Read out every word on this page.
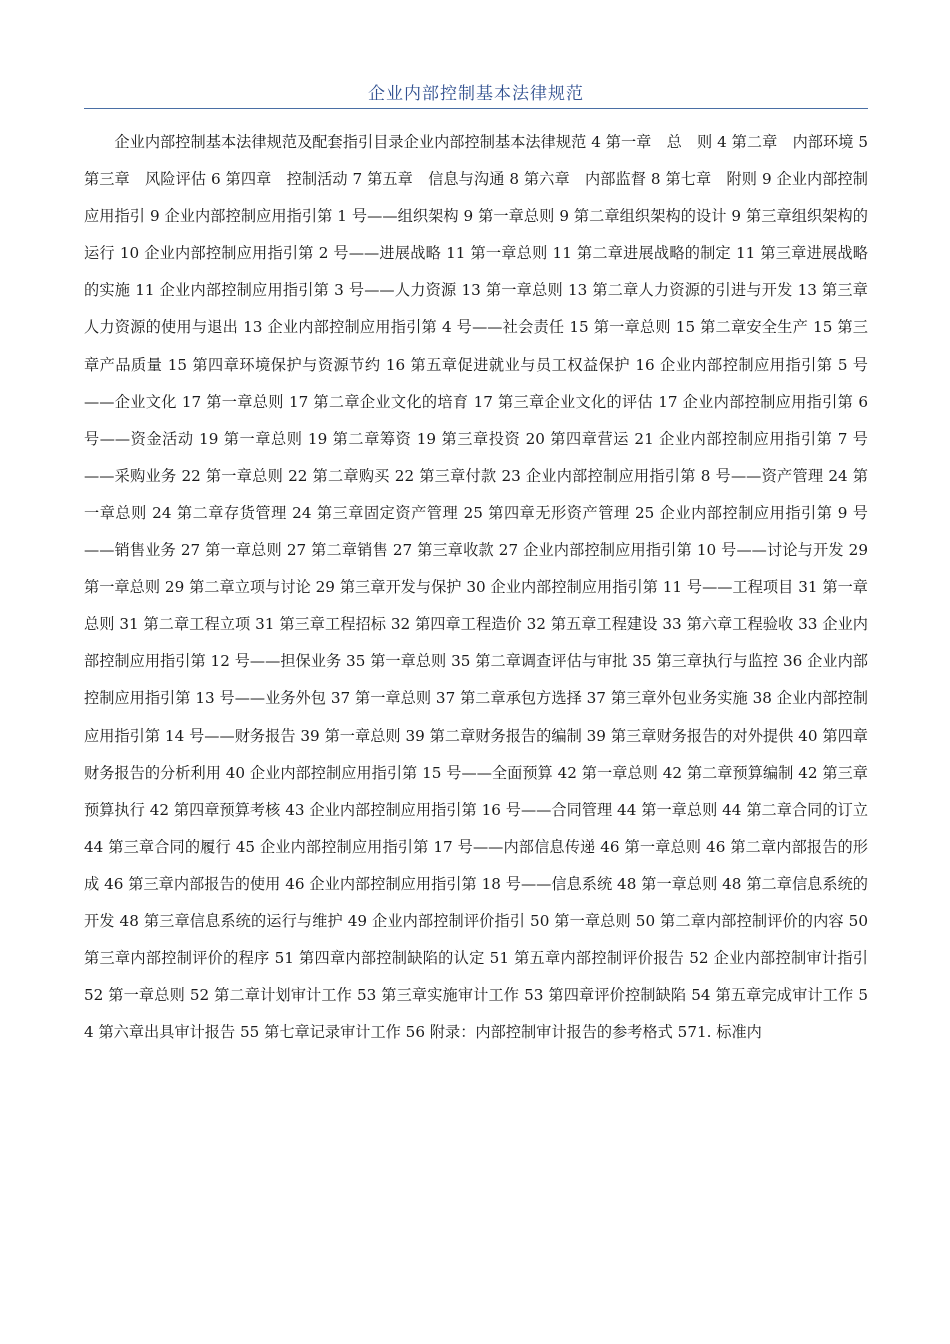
企业内部控制基本法律规范

企业内部控制基本法律规范及配套指引目录企业内部控制基本法律规范 4 第一章　总　则 4 第二章　内部环境 5 第三章　风险评估 6 第四章　控制活动 7 第五章　信息与沟通 8 第六章　内部监督 8 第七章　附则 9 企业内部控制应用指引 9 企业内部控制应用指引第 1 号——组织架构 9 第一章总则 9 第二章组织架构的设计 9 第三章组织架构的运行 10 企业内部控制应用指引第 2 号——进展战略 11 第一章总则 11 第二章进展战略的制定 11 第三章进展战略的实施 11 企业内部控制应用指引第 3 号——人力资源 13 第一章总则 13 第二章人力资源的引进与开发 13 第三章人力资源的使用与退出 13 企业内部控制应用指引第 4 号——社会责任 15 第一章总则 15 第二章安全生产 15 第三章产品质量 15 第四章环境保护与资源节约 16 第五章促进就业与员工权益保护 16 企业内部控制应用指引第 5 号——企业文化 17 第一章总则 17 第二章企业文化的培育 17 第三章企业文化的评估 17 企业内部控制应用指引第 6 号——资金活动 19 第一章总则 19 第二章筹资 19 第三章投资 20 第四章营运 21 企业内部控制应用指引第 7 号——采购业务 22 第一章总则 22 第二章购买 22 第三章付款 23 企业内部控制应用指引第 8 号——资产管理 24 第一章总则 24 第二章存货管理 24 第三章固定资产管理 25 第四章无形资产管理 25 企业内部控制应用指引第 9 号——销售业务 27 第一章总则 27 第二章销售 27 第三章收款 27 企业内部控制应用指引第 10 号——讨论与开发 29 第一章总则 29 第二章立项与讨论 29 第三章开发与保护 30 企业内部控制应用指引第 11 号——工程项目 31 第一章总则 31 第二章工程立项 31 第三章工程招标 32 第四章工程造价 32 第五章工程建设 33 第六章工程验收 33 企业内部控制应用指引第 12 号——担保业务 35 第一章总则 35 第二章调查评估与审批 35 第三章执行与监控 36 企业内部控制应用指引第 13 号——业务外包 37 第一章总则 37 第二章承包方选择 37 第三章外包业务实施 38 企业内部控制应用指引第 14 号——财务报告 39 第一章总则 39 第二章财务报告的编制 39 第三章财务报告的对外提供 40 第四章财务报告的分析利用 40 企业内部控制应用指引第 15 号——全面预算 42 第一章总则 42 第二章预算编制 42 第三章预算执行 42 第四章预算考核 43 企业内部控制应用指引第 16 号——合同管理 44 第一章总则 44 第二章合同的订立 44 第三章合同的履行 45 企业内部控制应用指引第 17 号——内部信息传递 46 第一章总则 46 第二章内部报告的形成 46 第三章内部报告的使用 46 企业内部控制应用指引第 18 号——信息系统 48 第一章总则 48 第二章信息系统的开发 48 第三章信息系统的运行与维护 49 企业内部控制评价指引 50 第一章总则 50 第二章内部控制评价的内容 50 第三章内部控制评价的程序 51 第四章内部控制缺陷的认定 51 第五章内部控制评价报告 52 企业内部控制审计指引 52 第一章总则 52 第二章计划审计工作 53 第三章实施审计工作 53 第四章评价控制缺陷 54 第五章完成审计工作 54 第六章出具审计报告 55 第七章记录审计工作 56 附录：内部控制审计报告的参考格式 571. 标准内
